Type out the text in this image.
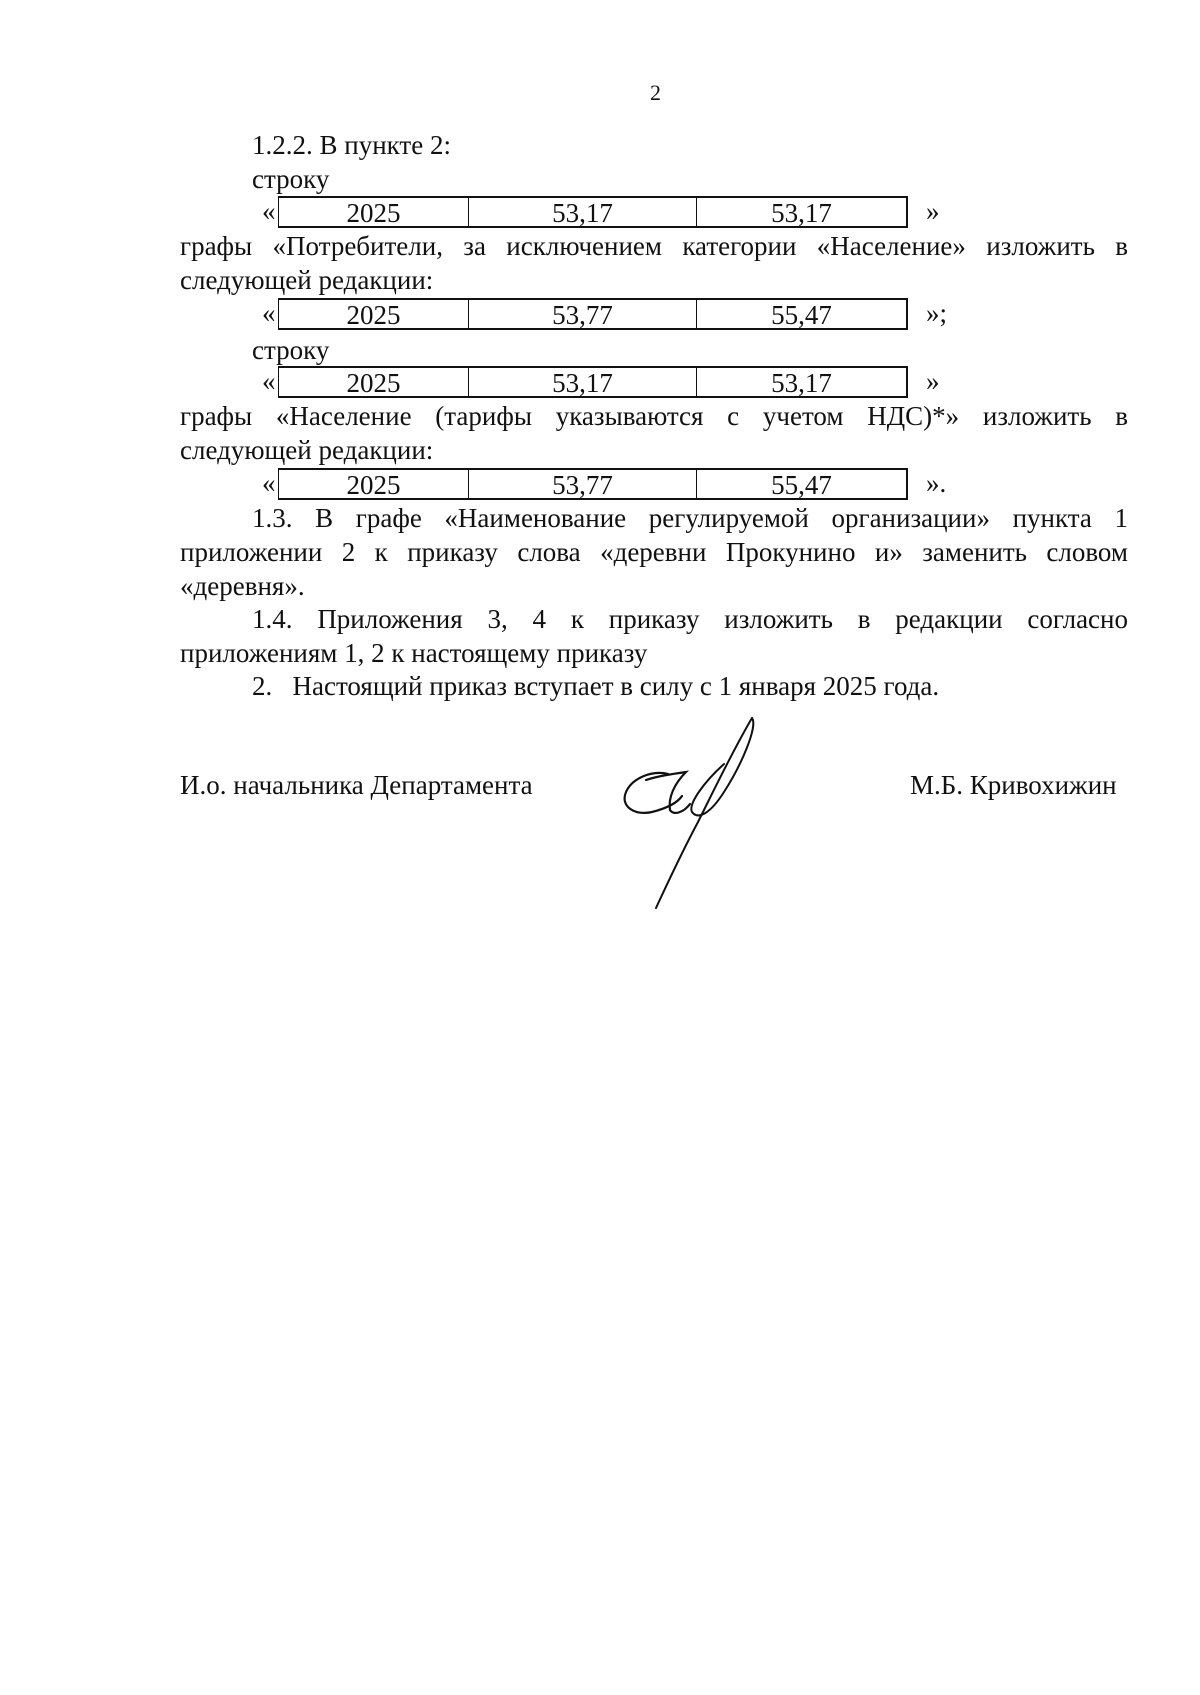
2
1.2.2. В пункте 2:
строку
«	2025	53,17	53,17	»
графы «Потребители, за исключением категории «Население» изложить в
следующей редакции:
«	2025	53,77	55,47	»;
строку
«	2025	53,17	53,17	»
графы «Население (тарифы указываются с учетом НДС)*» изложить в
следующей редакции:
«	2025	53,77	55,47	».
1.3. В графе «Наименование регулируемой организации» пункта 1
приложении 2 к приказу слова «деревни Прокунино и» заменить словом
«деревня».
1.4. Приложения 3, 4 к приказу изложить в редакции согласно
приложениям 1, 2 к настоящему приказу
2.   Настоящий приказ вступает в силу с 1 января 2025 года.
И.о. начальника Департамента	М.Б. Кривохижин
